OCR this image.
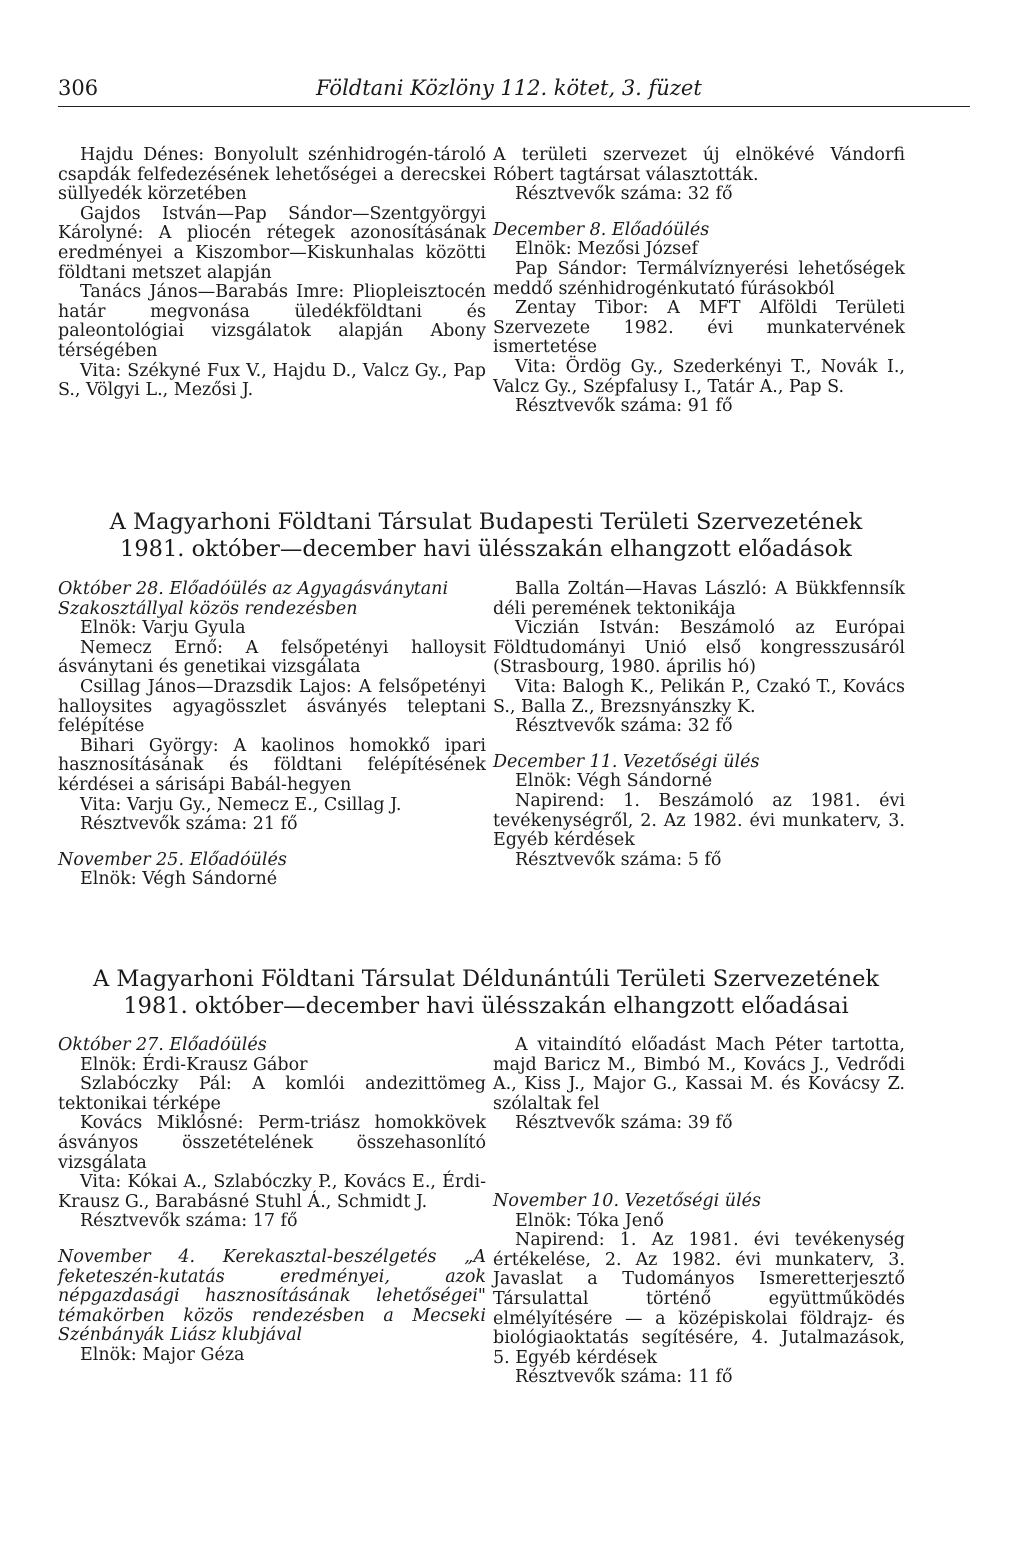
306	Földtani Közlöny 112. kötet, 3. füzet

Hajdu Dénes: Bonyolult szénhidrogén-tároló csapdák felfedezésének lehetőségei a derecskei süllyedék körzetében

Gajdos István—Pap Sándor—Szentgyörgyi Károlyné: A pliocén rétegek azonosításának eredményei a Kiszombor—Kiskunhalas közötti földtani metszet alapján

Tanács János—Barabás Imre: Pliopleisztocén határ megvonása üledékföldtani és paleontológiai vizsgálatok alapján Abony térségében

Vita: Székyné Fux V., Hajdu D., Valcz Gy., Pap S., Völgyi L., Mezősi J.

A területi szervezet új elnökévé Vándorfi Róbert tagtársat választották.

Résztvevők száma: 32 fő

December 8. Előadóülés

Elnök: Mezősi József

Pap Sándor: Termálvíznyerési lehetőségek meddő szénhidrogénkutató fúrásokból

Zentay Tibor: A MFT Alföldi Területi Szervezete 1982. évi munkatervének ismertetése

Vita: Ördög Gy., Szederkényi T., Novák I., Valcz Gy., Szépfalusy I., Tatár A., Pap S.

Résztvevők száma: 91 fő

A Magyarhoni Földtani Társulat Budapesti Területi Szervezetének
1981. október—december havi ülésszakán elhangzott előadások

Október 28. Előadóülés az Agyagásványtani Szakosztállyal közös rendezésben

Elnök: Varju Gyula

Nemecz Ernő: A felsőpetényi halloysit ásványtani és genetikai vizsgálata

Csillag János—Drazsdik Lajos: A felsőpetényi halloysites agyagösszlet ásványés teleptani felépítése

Bihari György: A kaolinos homokkő ipari hasznosításának és földtani felépítésének kérdései a sárisápi Babál-hegyen

Vita: Varju Gy., Nemecz E., Csillag J.

Résztvevők száma: 21 fő

November 25. Előadóülés

Elnök: Végh Sándorné

Balla Zoltán—Havas László: A Bükkfennsík déli peremének tektonikája

Viczián István: Beszámoló az Európai Földtudományi Unió első kongresszusáról (Strasbourg, 1980. április hó)

Vita: Balogh K., Pelikán P., Czakó T., Kovács S., Balla Z., Brezsnyánszky K.

Résztvevők száma: 32 fő

December 11. Vezetőségi ülés

Elnök: Végh Sándorné

Napirend: 1. Beszámoló az 1981. évi tevékenységről, 2. Az 1982. évi munkaterv, 3. Egyéb kérdések

Résztvevők száma: 5 fő

A Magyarhoni Földtani Társulat Déldunántúli Területi Szervezetének
1981. október—december havi ülésszakán elhangzott előadásai

Október 27. Előadóülés

Elnök: Érdi-Krausz Gábor

Szlabóczky Pál: A komlói andezittömeg tektonikai térképe

Kovács Miklósné: Perm-triász homokkövek ásványos összetételének összehasonlító vizsgálata

Vita: Kókai A., Szlabóczky P., Kovács E., Érdi-Krausz G., Barabásné Stuhl Á., Schmidt J.

Résztvevők száma: 17 fő

November 4. Kerekasztal-beszélgetés „A feketeszén-kutatás eredményei, azok népgazdasági hasznosításának lehetőségei" témakörben közös rendezésben a Mecseki Szénbányák Liász klubjával

Elnök: Major Géza

A vitaindító előadást Mach Péter tartotta, majd Baricz M., Bimbó M., Kovács J., Vedrődi A., Kiss J., Major G., Kassai M. és Kovácsy Z. szólaltak fel

Résztvevők száma: 39 fő

November 10. Vezetőségi ülés

Elnök: Tóka Jenő

Napirend: 1. Az 1981. évi tevékenység értékelése, 2. Az 1982. évi munkaterv, 3. Javaslat a Tudományos Ismeretterjesztő Társulattal történő együttműködés elmélyítésére — a középiskolai földrajz- és biológiaoktatás segítésére, 4. Jutalmazások, 5. Egyéb kérdések

Résztvevők száma: 11 fő
